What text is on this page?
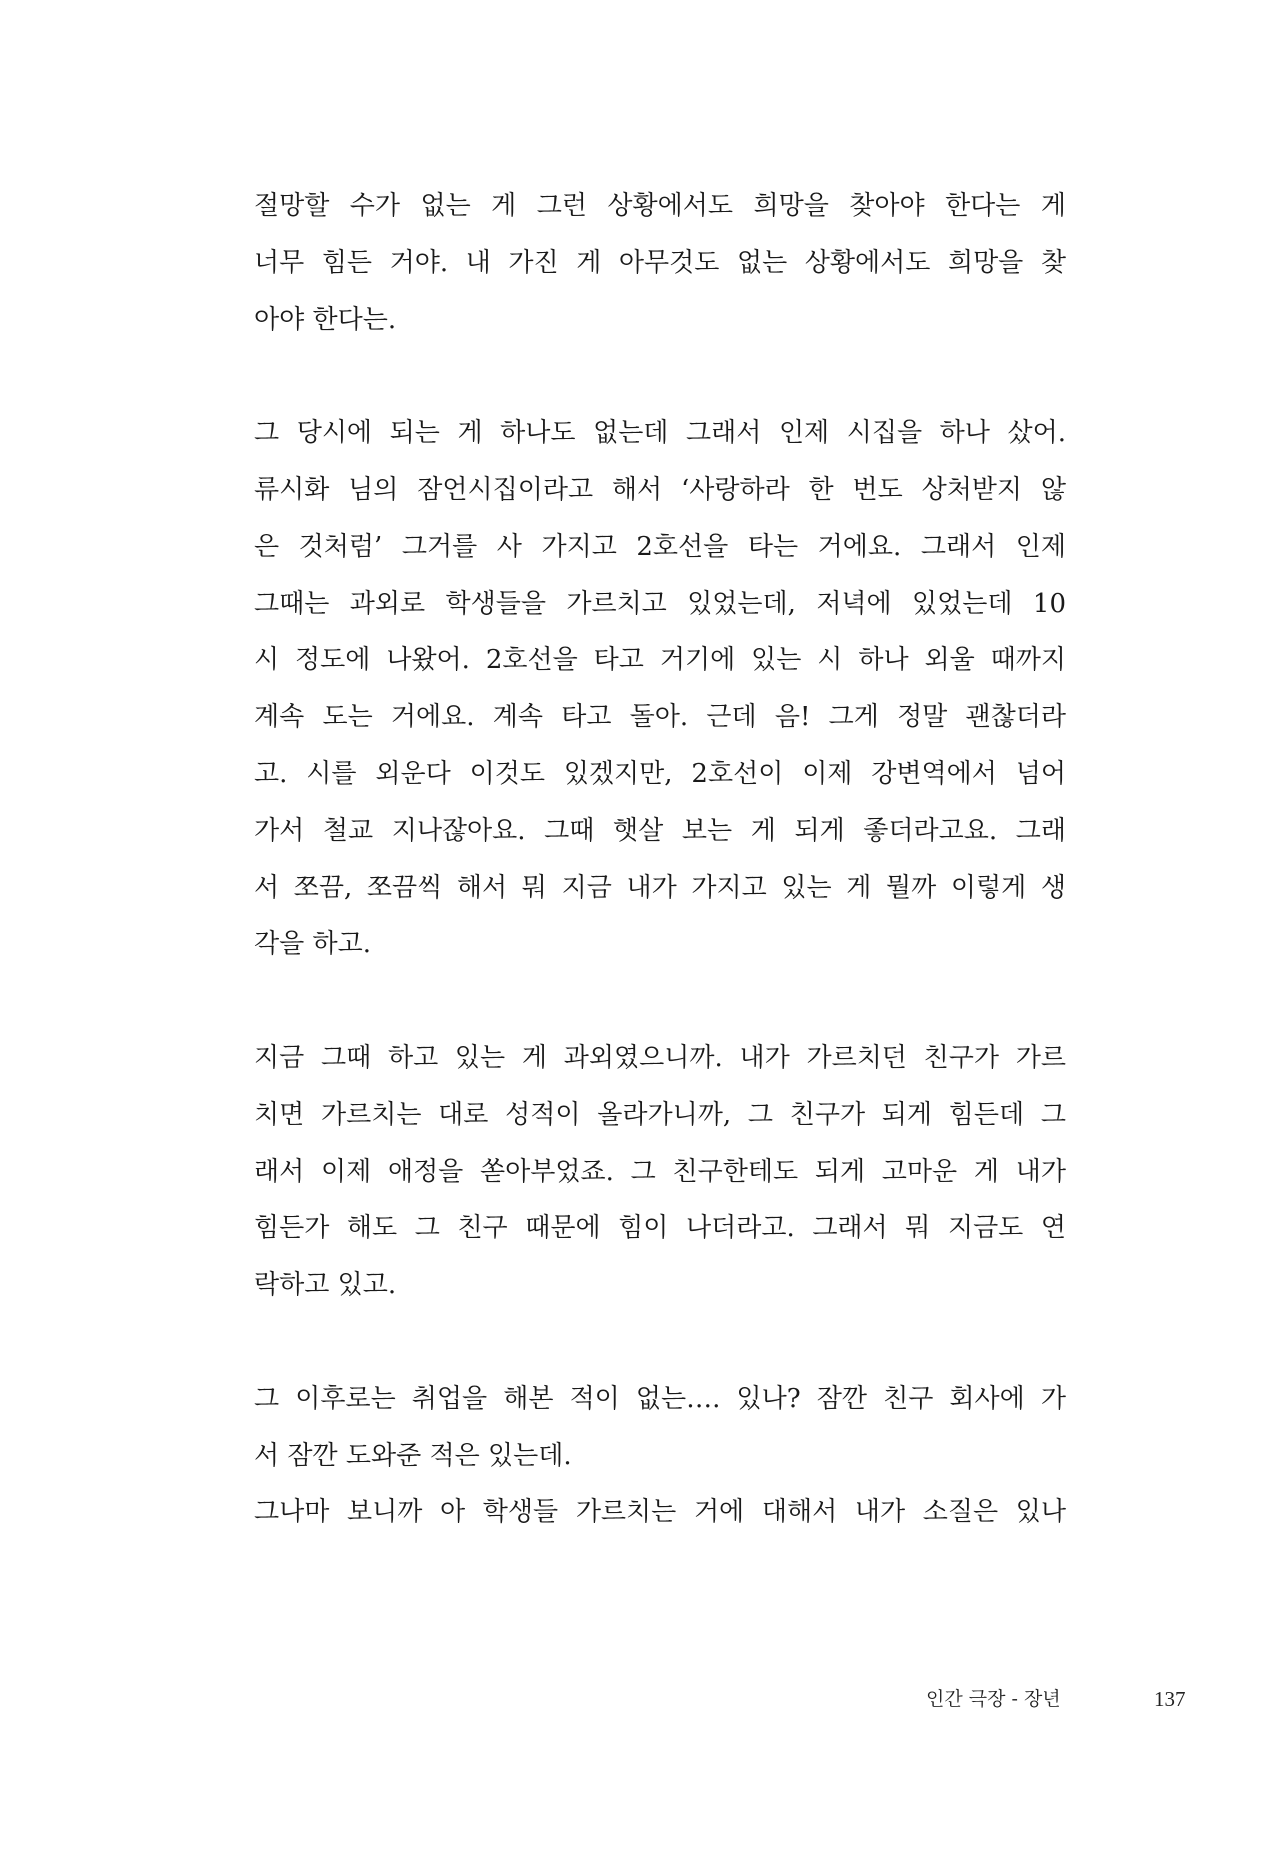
절망할 수가 없는 게 그런 상황에서도 희망을 찾아야 한다는 게
너무 힘든 거야. 내 가진 게 아무것도 없는 상황에서도 희망을 찾
아야 한다는.
그 당시에 되는 게 하나도 없는데 그래서 인제 시집을 하나 샀어.
류시화 님의 잠언시집이라고 해서 ‘사랑하라 한 번도 상처받지 않
은 것처럼’ 그거를 사 가지고 2호선을 타는 거에요. 그래서 인제
그때는 과외로 학생들을 가르치고 있었는데, 저녁에 있었는데 10
시 정도에 나왔어. 2호선을 타고 거기에 있는 시 하나 외울 때까지
계속 도는 거에요. 계속 타고 돌아. 근데 음! 그게 정말 괜찮더라
고. 시를 외운다 이것도 있겠지만, 2호선이 이제 강변역에서 넘어
가서 철교 지나잖아요. 그때 햇살 보는 게 되게 좋더라고요. 그래
서 쪼끔, 쪼끔씩 해서 뭐 지금 내가 가지고 있는 게 뭘까 이렇게 생
각을 하고.
지금 그때 하고 있는 게 과외였으니까. 내가 가르치던 친구가 가르
치면 가르치는 대로 성적이 올라가니까, 그 친구가 되게 힘든데 그
래서 이제 애정을 쏟아부었죠. 그 친구한테도 되게 고마운 게 내가
힘든가 해도 그 친구 때문에 힘이 나더라고. 그래서 뭐 지금도 연
락하고 있고.
그 이후로는 취업을 해본 적이 없는…. 있나? 잠깐 친구 회사에 가
서 잠깐 도와준 적은 있는데.
그나마 보니까 아 학생들 가르치는 거에 대해서 내가 소질은 있나
인간 극장 - 장년	137
